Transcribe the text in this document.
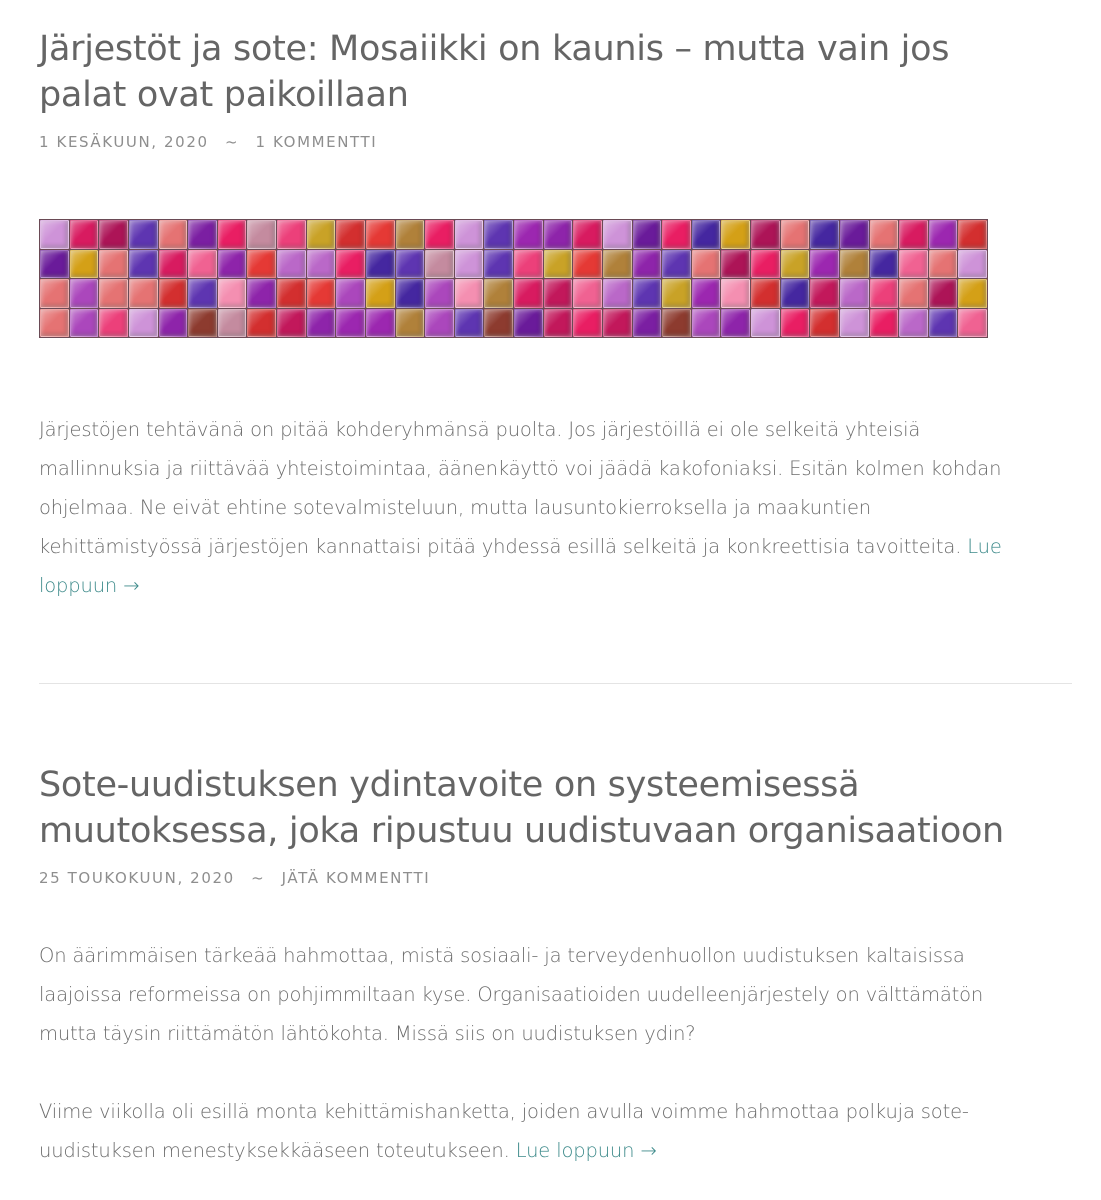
Järjestöt ja sote: Mosaiikki on kaunis – mutta vain jos
palat ovat paikoillaan
1 KESÄKUUN, 2020 ~ 1 KOMMENTTI

Järjestöjen tehtävänä on pitää kohderyhmänsä puolta. Jos järjestöillä ei ole selkeitä yhteisiä
mallinnuksia ja riittävää yhteistoimintaa, äänenkäyttö voi jäädä kakofoniaksi. Esitän kolmen kohdan
ohjelmaa. Ne eivät ehtine sotevalmisteluun, mutta lausuntokierroksella ja maakuntien
kehittämistyössä järjestöjen kannattaisi pitää yhdessä esillä selkeitä ja konkreettisia tavoitteita. Lue
loppuun →

Sote-uudistuksen ydintavoite on systeemisessä
muutoksessa, joka ripustuu uudistuvaan organisaatioon
25 TOUKOKUUN, 2020 ~ JÄTÄ KOMMENTTI

On äärimmäisen tärkeää hahmottaa, mistä sosiaali- ja terveydenhuollon uudistuksen kaltaisissa
laajoissa reformeissa on pohjimmiltaan kyse. Organisaatioiden uudelleenjärjestely on välttämätön
mutta täysin riittämätön lähtökohta. Missä siis on uudistuksen ydin?

Viime viikolla oli esillä monta kehittämishanketta, joiden avulla voimme hahmottaa polkuja sote-
uudistuksen menestyksekkääseen toteutukseen. Lue loppuun →
